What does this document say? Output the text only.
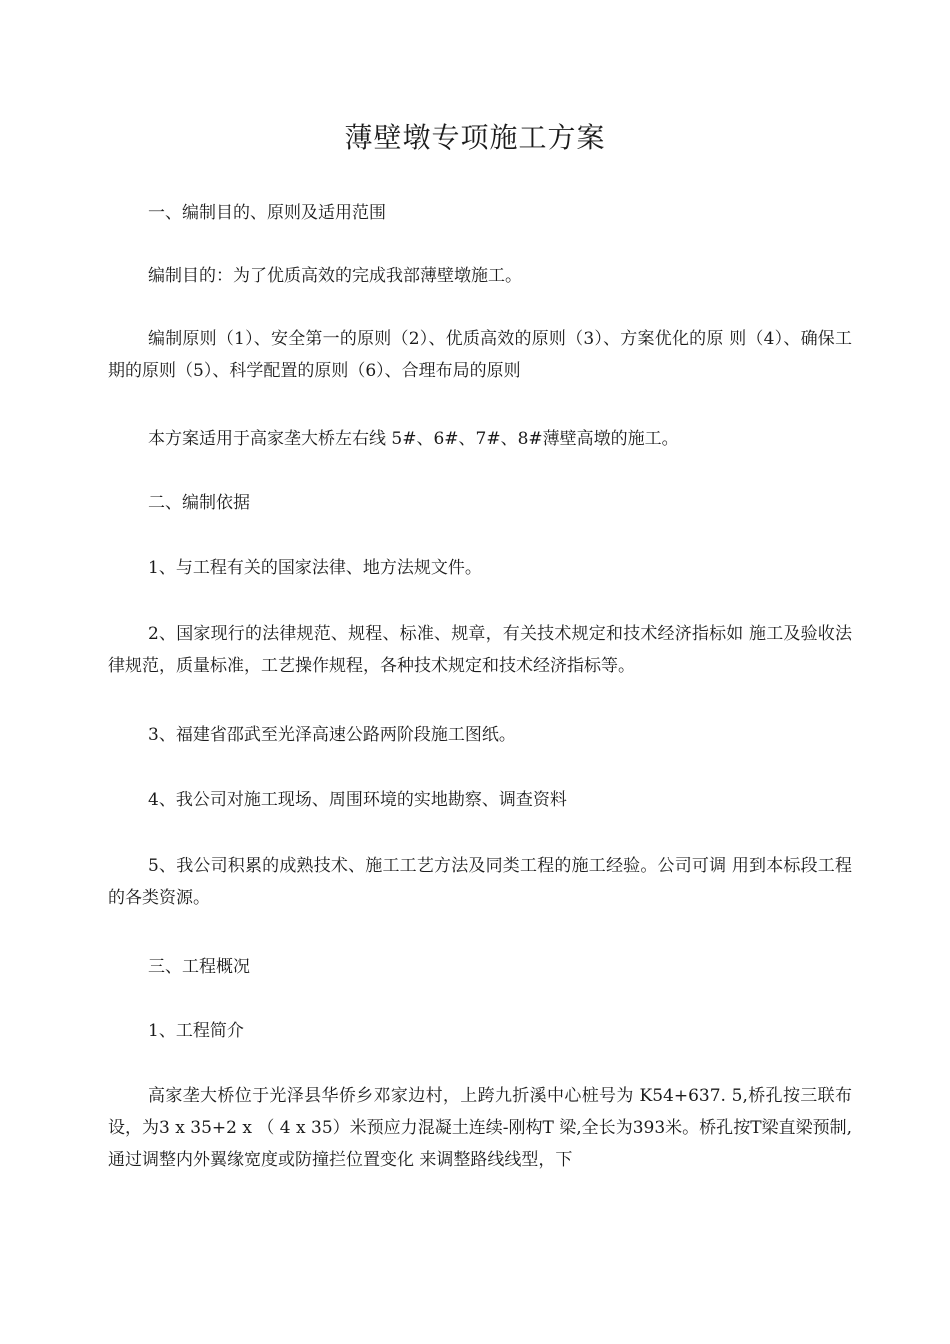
薄壁墩专项施工方案

一、编制目的、原则及适用范围

编制目的：为了优质高效的完成我部薄壁墩施工。

编制原则（1）、安全第一的原则（2）、优质高效的原则（3）、方案优化的原 则（4）、确保工期的原则（5）、科学配置的原则（6）、合理布局的原则

本方案适用于高家垄大桥左右线 5#、6#、7#、8#薄壁高墩的施工。

二、编制依据

1、与工程有关的国家法律、地方法规文件。

2、国家现行的法律规范、规程、标准、规章，有关技术规定和技术经济指标如 施工及验收法律规范，质量标准，工艺操作规程，各种技术规定和技术经济指标等。

3、福建省邵武至光泽高速公路两阶段施工图纸。

4、我公司对施工现场、周围环境的实地勘察、调查资料

5、我公司积累的成熟技术、施工工艺方法及同类工程的施工经验。公司可调 用到本标段工程的各类资源。

三、工程概况

1、工程简介

高家垄大桥位于光泽县华侨乡邓家边村，上跨九折溪中心桩号为 K54+637. 5,桥孔按三联布设，为3 x 35+2 x （ 4 x 35）米预应力混凝土连续-刚构T 梁,全长为393米。桥孔按T梁直梁预制,通过调整内外翼缘宽度或防撞拦位置变化 来调整路线线型，下
